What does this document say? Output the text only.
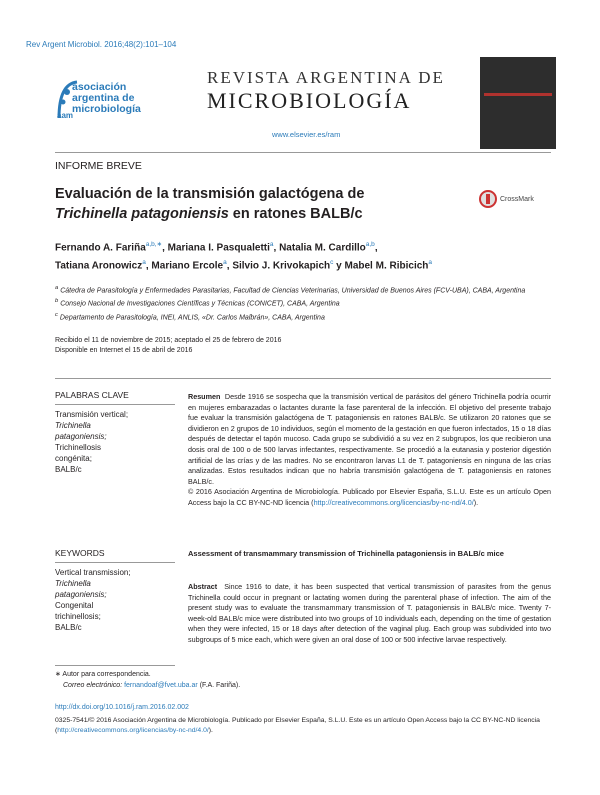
Rev Argent Microbiol. 2016;48(2):101–104
asociación
argentina de
microbiología
aam
REVISTA ARGENTINA DE
MICROBIOLOGÍA
www.elsevier.es/ram
INFORME BREVE
Evaluación de la transmisión galactógena de
Trichinella patagoniensis en ratones BALB/c
CrossMark
Fernando A. Fariña$^{a,b,∗}$, Mariana I. Pasqualetti$^a$, Natalia M. Cardillo$^{a,b}$,
Tatiana Aronowicz$^a$, Mariano Ercole$^a$, Silvio J. Krivokapich$^c$ y Mabel M. Ribicich$^a$
$^a$ Cátedra de Parasitología y Enfermedades Parasitarias, Facultad de Ciencias Veterinarias, Universidad de Buenos Aires (FCV-UBA), CABA, Argentina
$^b$ Consejo Nacional de Investigaciones Científicas y Técnicas (CONICET), CABA, Argentina
$^c$ Departamento de Parasitología, INEI, ANLIS, «Dr. Carlos Malbrán», CABA, Argentina
Recibido el 11 de noviembre de 2015; aceptado el 25 de febrero de 2016
Disponible en Internet el 15 de abril de 2016
PALABRAS CLAVE
Transmisión vertical;
Trichinella
patagoniensis;
Trichinellosis
congénita;
BALB/c
Resumen Desde 1916 se sospecha que la transmisión vertical de parásitos del género Trichinella podría ocurrir en mujeres embarazadas o lactantes durante la fase parenteral de la infección. El objetivo del presente trabajo fue evaluar la transmisión galactógena de T. patagoniensis en ratones BALB/c. Se utilizaron 20 ratones que se dividieron en 2 grupos de 10 individuos, según el momento de la gestación en que fueron infectados, 15 o 18 días después de detectar el tapón mucoso. Cada grupo se subdividió a su vez en 2 subgrupos, los que recibieron una dosis oral de 100 o de 500 larvas infectantes, respectivamente. Se procedió a la eutanasia y posterior digestión artificial de las crías y de las madres. No se encontraron larvas L1 de T. patagoniensis en ninguna de las crías analizadas. Estos resultados indican que no habría transmisión galactógena de T. patagoniensis en ratones BALB/c.
© 2016 Asociación Argentina de Microbiología. Publicado por Elsevier España, S.L.U. Este es un artículo Open Access bajo la CC BY-NC-ND licencia (http://creativecommons.org/licencias/by-nc-nd/4.0/).
KEYWORDS
Vertical transmission;
Trichinella
patagoniensis;
Congenital
trichinellosis;
BALB/c
Assessment of transmammary transmission of Trichinella patagoniensis in BALB/c mice
Abstract Since 1916 to date, it has been suspected that vertical transmission of parasites from the genus Trichinella could occur in pregnant or lactating women during the parenteral phase of infection. The aim of the present study was to evaluate the transmammary transmission of T. patagoniensis in BALB/c mice. Twenty 7-week-old BALB/c mice were distributed into two groups of 10 individuals each, depending on the time of gestation when they were infected, 15 or 18 days after detection of the vaginal plug. Each group was subdivided into two subgroups of 5 mice each, which were given an oral dose of 100 or 500 infective larvae respectively.
∗ Autor para correspondencia.
Correo electrónico: fernandoaf@fvet.uba.ar (F.A. Fariña).
http://dx.doi.org/10.1016/j.ram.2016.02.002
0325-7541/© 2016 Asociación Argentina de Microbiología. Publicado por Elsevier España, S.L.U. Este es un artículo Open Access bajo la CC BY-NC-ND licencia (http://creativecommons.org/licencias/by-nc-nd/4.0/).
